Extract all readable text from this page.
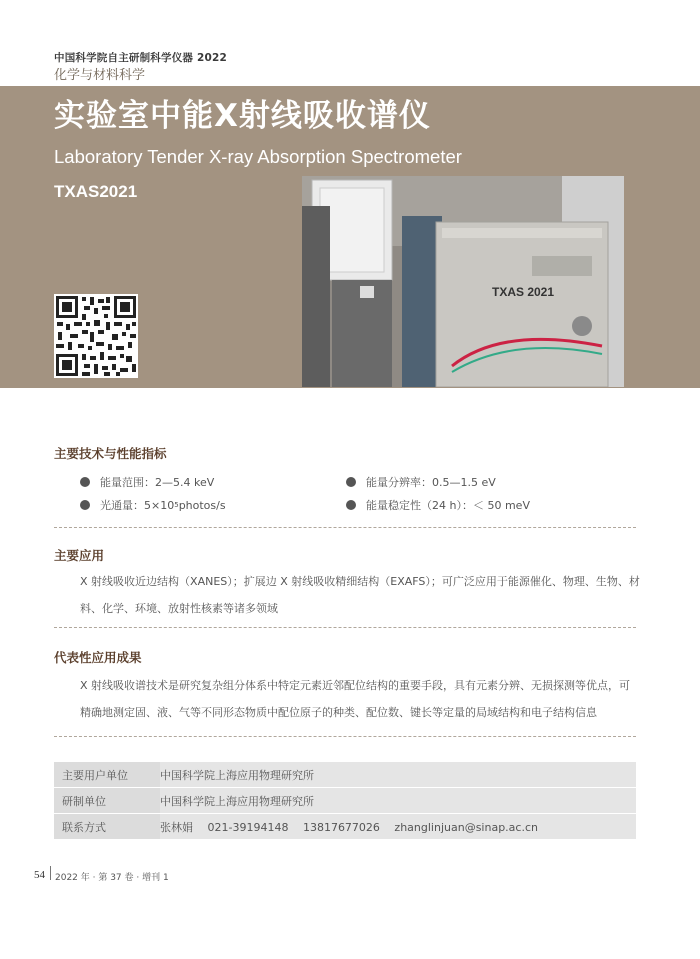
中国科学院自主研制科学仪器 2022
化学与材料科学
实验室中能X射线吸收谱仪
Laboratory Tender X-ray Absorption Spectrometer
TXAS2021
TXAS 2021
主要技术与性能指标
能量范围： 2—5.4 keV	能量分辨率： 0.5—1.5 eV
光通量： 5×10 5 photos/s	能量稳定性（24 h）： ＜ 50 meV
主要应用
X 射线吸收近边结构（XANES）；扩展边 X 射线吸收精细结构（EXAFS）；可广泛应用于能源催化、物理、生物、材料、化学、环境、放射性核素等诸多领域
代表性应用成果
X 射线吸收谱技术是研究复杂组分体系中特定元素近邻配位结构的重要手段，具有元素分辨、无损探测等优点，可精确地测定固、液、气等不同形态物质中配位原子的种类、配位数、键长等定量的局域结构和电子结构信息
主要用户单位	中国科学院上海应用物理研究所
研制单位	中国科学院上海应用物理研究所
联系方式	张林娟　 021-39194148　 13817677026　 zhanglinjuan@sinap.ac.cn
54 2022 年 · 第 37 卷 · 增刊 1
